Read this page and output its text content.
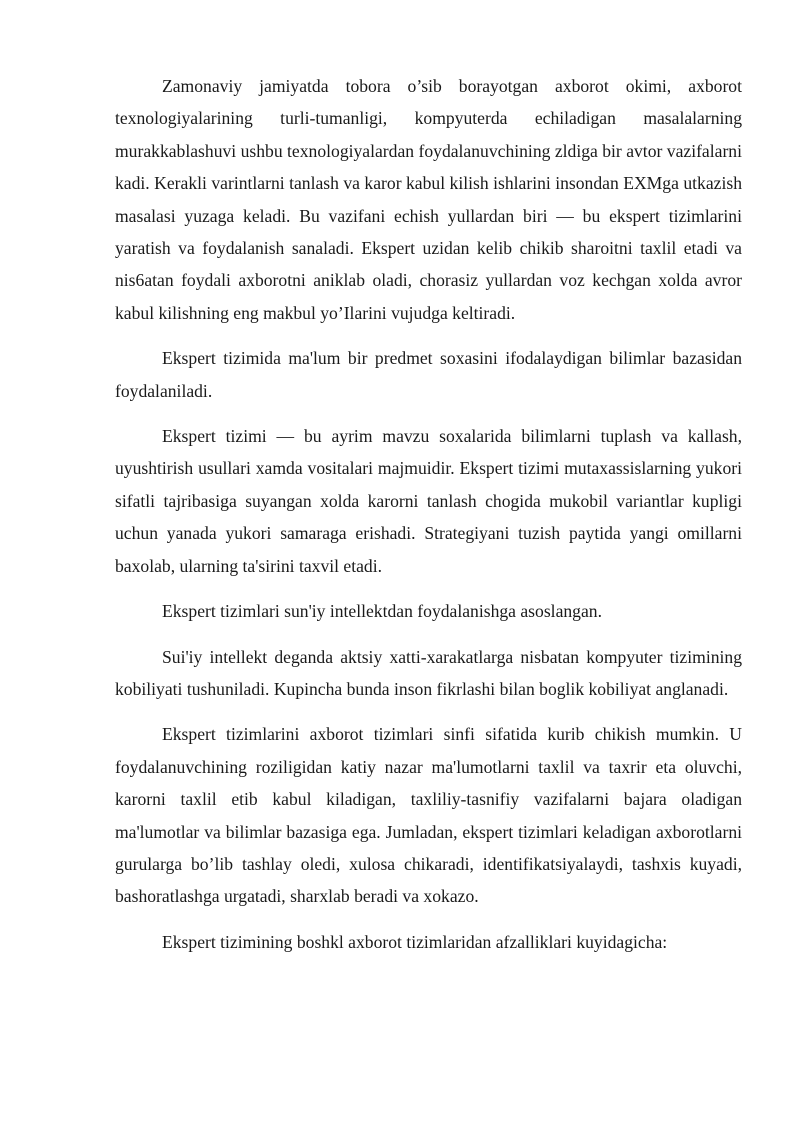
Zamonaviy jamiyatda tobora o’sib borayotgan axborot okimi, axborot texnologiyalarining turli-tumanligi, kompyuterda echiladigan masalalarning murakkablashuvi ushbu texnologiyalardan foydalanuvchining zldiga bir avtor vazifalarni kadi. Kerakli varintlarni tanlash va karor kabul kilish ishlarini insondan EXMga utkazish masalasi yuzaga keladi. Bu vazifani echish yullardan biri — bu ekspert tizimlarini yaratish va foydalanish sanaladi. Ekspert uzidan kelib chikib sharoitni taxlil etadi va nis6atan foydali axborotni aniklab oladi, chorasiz yullardan voz kechgan xolda avror kabul kilishning eng makbul yo’Ilarini vujudga keltiradi.

Ekspert tizimida ma'lum bir predmet soxasini ifodalaydigan bilimlar bazasidan foydalaniladi.

Ekspert tizimi — bu ayrim mavzu soxalarida bilimlarni tuplash va kallash, uyushtirish usullari xamda vositalari majmuidir. Ekspert tizimi mutaxassislarning yukori sifatli tajribasiga suyangan xolda karorni tanlash chogida mukobil variantlar kupligi uchun yanada yukori samaraga erishadi. Strategiyani tuzish paytida yangi omillarni baxolab, ularning ta'sirini taxvil etadi.

Ekspert tizimlari sun'iy intellektdan foydalanishga asoslangan.

Sui'iy intellekt deganda aktsiy xatti-xarakatlarga nisbatan kompyuter tizimining kobiliyati tushuniladi. Kupincha bunda inson fikrlashi bilan boglik kobiliyat anglanadi.

Ekspert tizimlarini axborot tizimlari sinfi sifatida kurib chikish mumkin. U foydalanuvchining roziligidan katiy nazar ma'lumotlarni taxlil va taxrir eta oluvchi, karorni taxlil etib kabul kiladigan, taxliliy-tasnifiy vazifalarni bajara oladigan ma'lumotlar va bilimlar bazasiga ega. Jumladan, ekspert tizimlari keladigan axborotlarni gurularga bo’lib tashlay oledi, xulosa chikaradi, identifikatsiyalaydi, tashxis kuyadi, bashoratlashga urgatadi, sharxlab beradi va xokazo.

Ekspert tizimining boshkl axborot tizimlaridan afzalliklari kuyidagicha:
